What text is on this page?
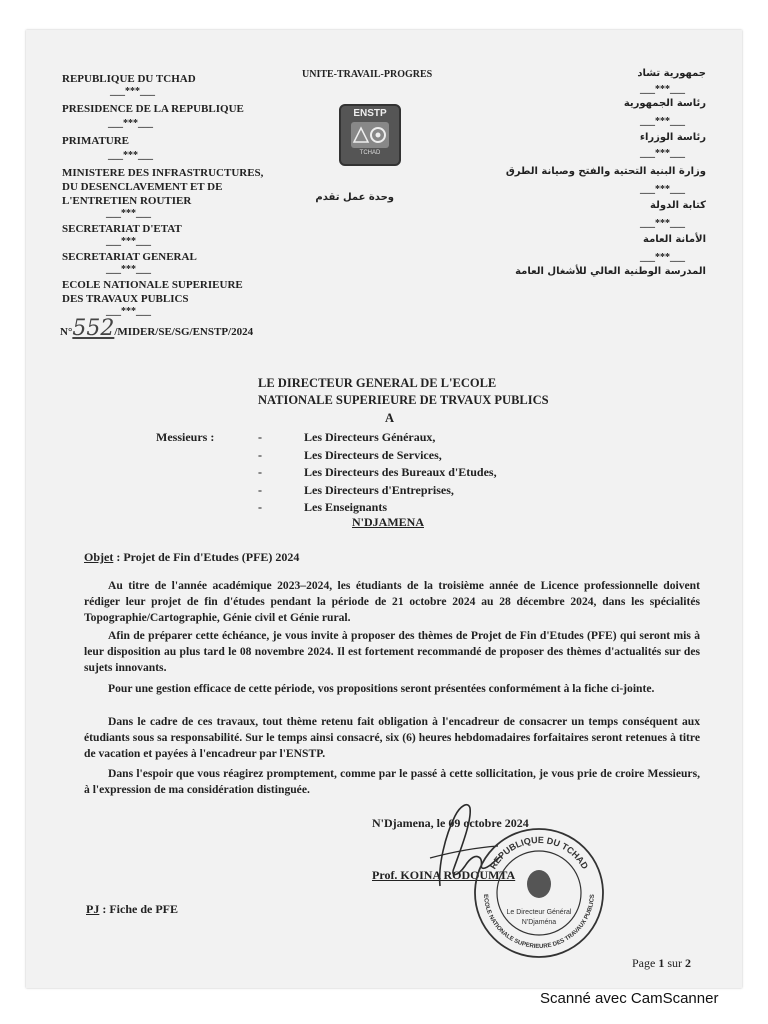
REPUBLIQUE DU TCHAD
___***___
PRESIDENCE DE LA REPUBLIQUE
___***___
PRIMATURE
___***___
MINISTERE DES INFRASTRUCTURES,
DU DESENCLAVEMENT ET DE
L'ENTRETIEN ROUTIER
___***___
SECRETARIAT D'ETAT
___***___
SECRETARIAT GENERAL
___***___
ECOLE NATIONALE SUPERIEURE
DES TRAVAUX PUBLICS
___***___
N°552/MIDER/SE/SG/ENSTP/2024
UNITE-TRAVAIL-PROGRES
ENSTP
TCHAD
وحدة عمل تقدم
جمهورية تشاد
___***___
رئاسة الجمهورية
___***___
رئاسة الوزراء
___***___
وزارة البنية التحتية والفتح وصيانة الطرق
___***___
كتابة الدولة
___***___
الأمانة العامة
___***___
المدرسة الوطنية العالي للأشغال العامة
LE DIRECTEUR GENERAL DE L'ECOLE
NATIONALE SUPERIEURE DE TRVAUX PUBLICS
A
Messieurs :	-	Les Directeurs Généraux,
-	Les Directeurs de Services,
-	Les Directeurs des Bureaux d'Etudes,
-	Les Directeurs d'Entreprises,
-	Les Enseignants
N'DJAMENA
Objet : Projet de Fin d'Etudes (PFE) 2024
Au titre de l'année académique 2023–2024, les étudiants de la troisième année de Licence professionnelle doivent rédiger leur projet de fin d'études pendant la période de 21 octobre 2024 au 28 décembre 2024, dans les spécialités Topographie/Cartographie, Génie civil et Génie rural.
Afin de préparer cette échéance, je vous invite à proposer des thèmes de Projet de Fin d'Etudes (PFE) qui seront mis à leur disposition au plus tard le 08 novembre 2024. Il est fortement recommandé de proposer des thèmes d'actualités sur des sujets innovants.
Pour une gestion efficace de cette période, vos propositions seront présentées conformément à la fiche ci-jointe.
Dans le cadre de ces travaux, tout thème retenu fait obligation à l'encadreur de consacrer un temps conséquent aux étudiants sous sa responsabilité. Sur le temps ainsi consacré, six (6) heures hebdomadaires forfaitaires seront retenues à titre de vacation et payées à l'encadreur par l'ENSTP.
Dans l'espoir que vous réagirez promptement, comme par le passé à cette sollicitation, je vous prie de croire Messieurs, à l'expression de ma considération distinguée.
N'Djamena, le 09 octobre 2024
Prof. KOINA RODOUMTA
REPUBLIQUE DU TCHAD
ECOLE NATIONALE SUPERIEURE DES TRAVAUX PUBLICS
Le Directeur Général
N'Djaména
PJ : Fiche de PFE
Page 1 sur 2
Scanné avec CamScanner
